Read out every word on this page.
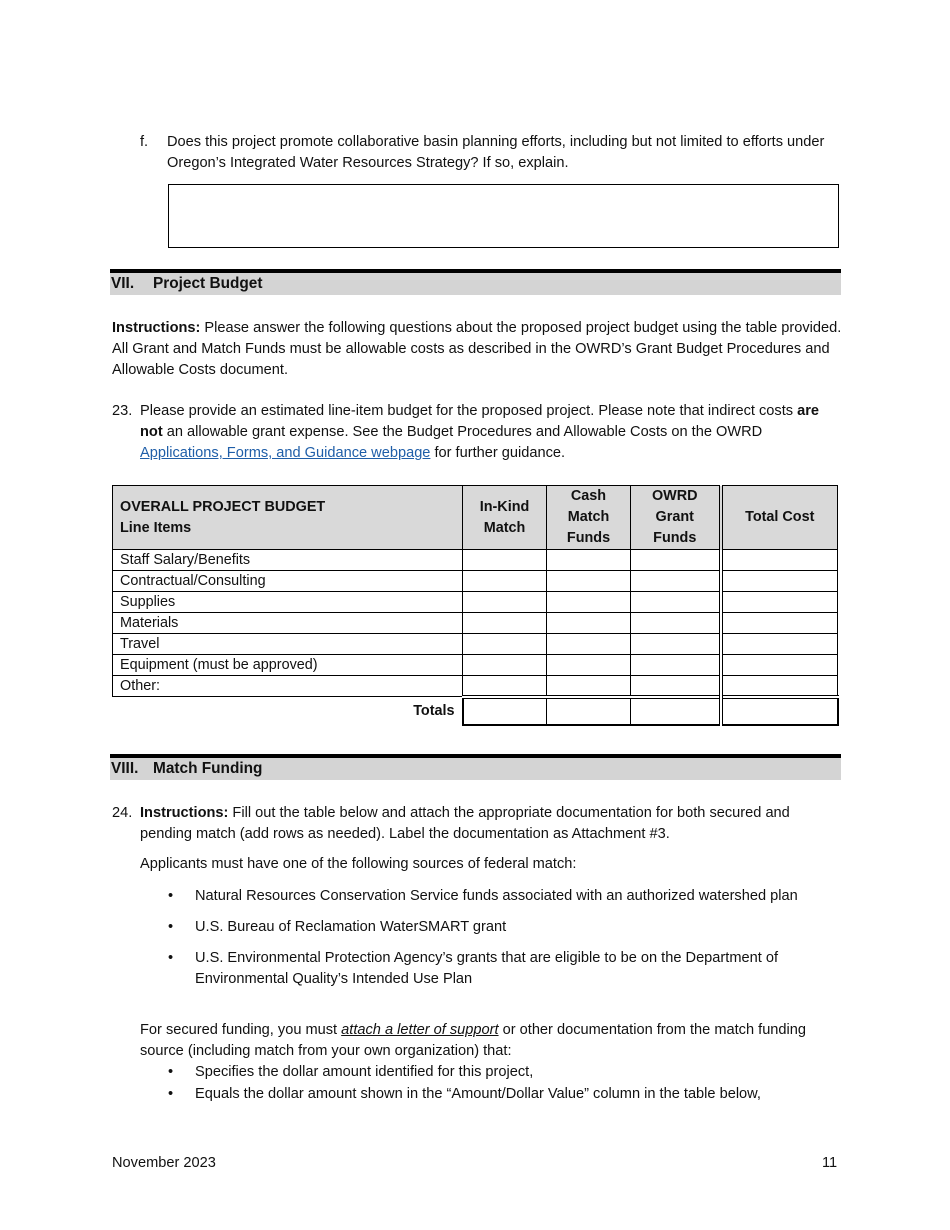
f. Does this project promote collaborative basin planning efforts, including but not limited to efforts under Oregon’s Integrated Water Resources Strategy? If so, explain.
VII. Project Budget
Instructions: Please answer the following questions about the proposed project budget using the table provided. All Grant and Match Funds must be allowable costs as described in the OWRD’s Grant Budget Procedures and Allowable Costs document.
23. Please provide an estimated line-item budget for the proposed project. Please note that indirect costs are not an allowable grant expense. See the Budget Procedures and Allowable Costs on the OWRD Applications, Forms, and Guidance webpage for further guidance.
OVERALL PROJECT BUDGET
Line Items	In-Kind Match	Cash Match Funds	OWRD Grant Funds	Total Cost
Staff Salary/Benefits				
Contractual/Consulting				
Supplies				
Materials				
Travel				
Equipment (must be approved)				
Other:				
Totals				
VIII. Match Funding
24. Instructions: Fill out the table below and attach the appropriate documentation for both secured and pending match (add rows as needed). Label the documentation as Attachment #3.
Applicants must have one of the following sources of federal match:
• Natural Resources Conservation Service funds associated with an authorized watershed plan
• U.S. Bureau of Reclamation WaterSMART grant
• U.S. Environmental Protection Agency’s grants that are eligible to be on the Department of Environmental Quality’s Intended Use Plan
For secured funding, you must attach a letter of support or other documentation from the match funding source (including match from your own organization) that:
• Specifies the dollar amount identified for this project,
• Equals the dollar amount shown in the “Amount/Dollar Value” column in the table below,
November 2023	11
